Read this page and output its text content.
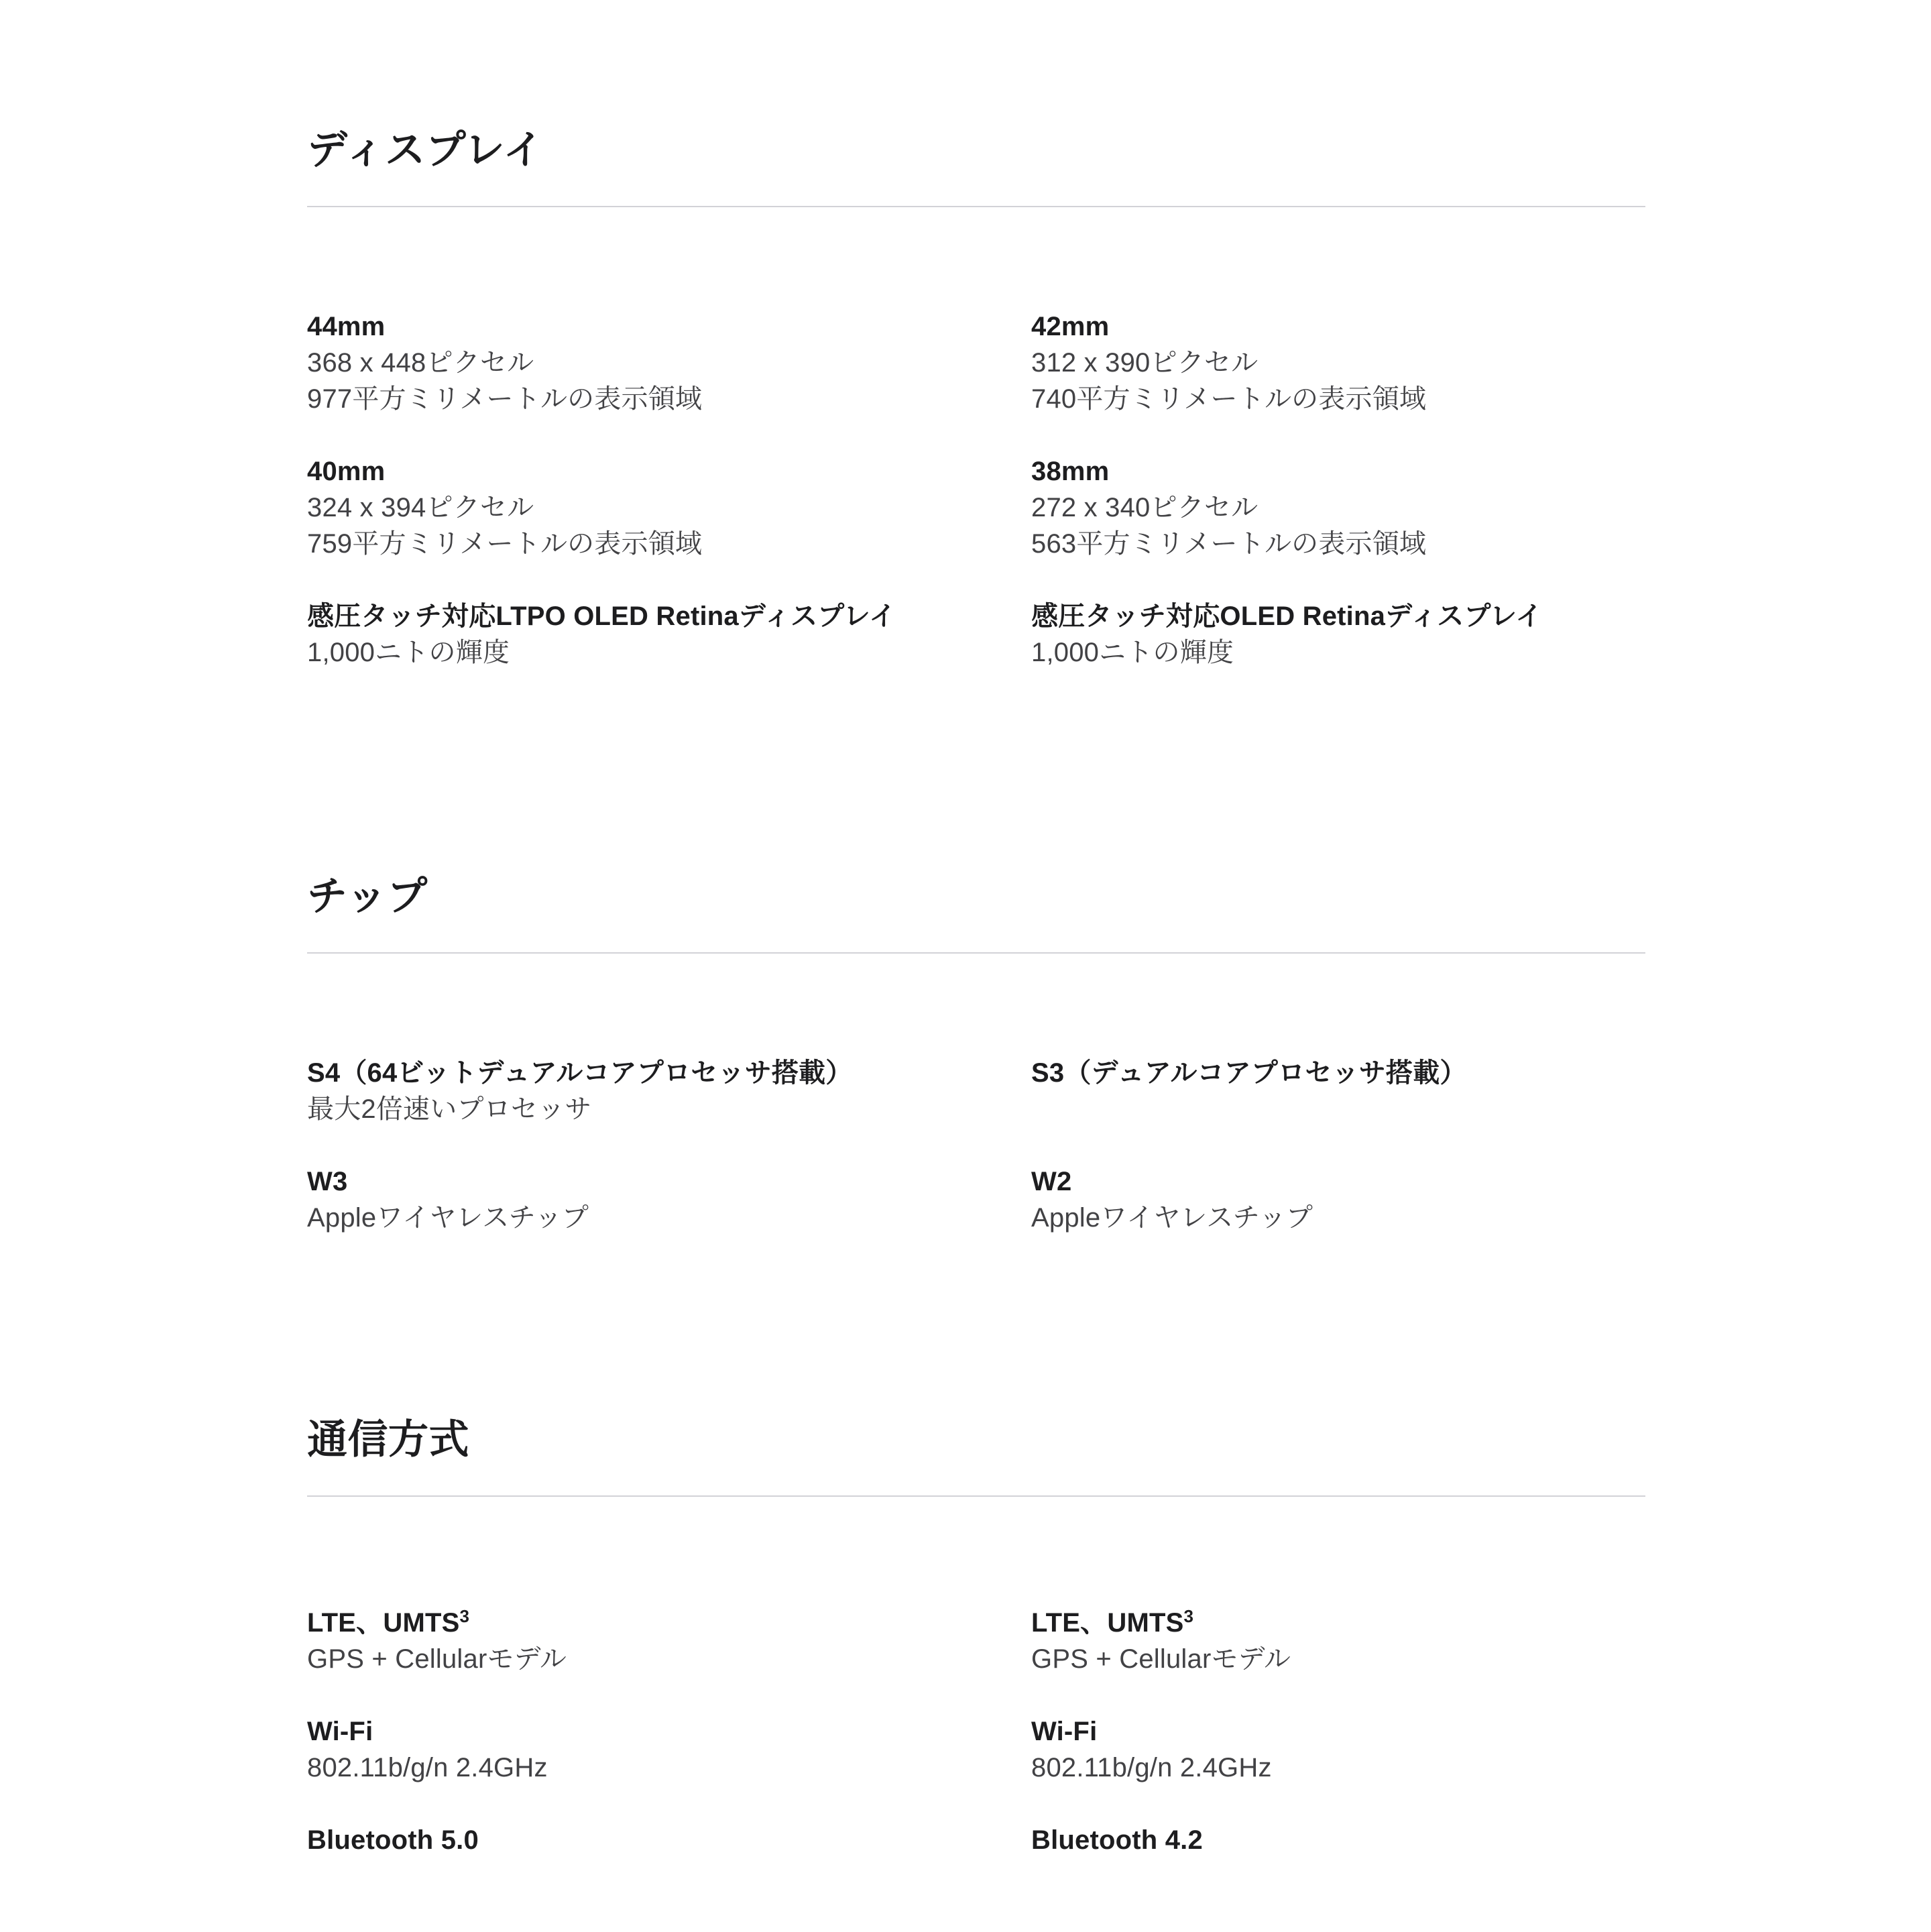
ディスプレイ

44mm

368 x 448ピクセル

977平方ミリメートルの表示領域

42mm

312 x 390ピクセル

740平方ミリメートルの表示領域

40mm

324 x 394ピクセル

759平方ミリメートルの表示領域

38mm

272 x 340ピクセル

563平方ミリメートルの表示領域

感圧タッチ対応LTPO OLED Retinaディスプレイ

1,000ニトの輝度

感圧タッチ対応OLED Retinaディスプレイ

1,000ニトの輝度

チップ

S4（64ビットデュアルコアプロセッサ搭載）

最大2倍速いプロセッサ

S3（デュアルコアプロセッサ搭載）

W3

Appleワイヤレスチップ

W2

Appleワイヤレスチップ

通信方式

LTE、UMTS$^3$

GPS + Cellularモデル

LTE、UMTS$^3$

GPS + Cellularモデル

Wi-Fi

802.11b/g/n 2.4GHz

Wi-Fi

802.11b/g/n 2.4GHz

Bluetooth 5.0	Bluetooth 4.2
